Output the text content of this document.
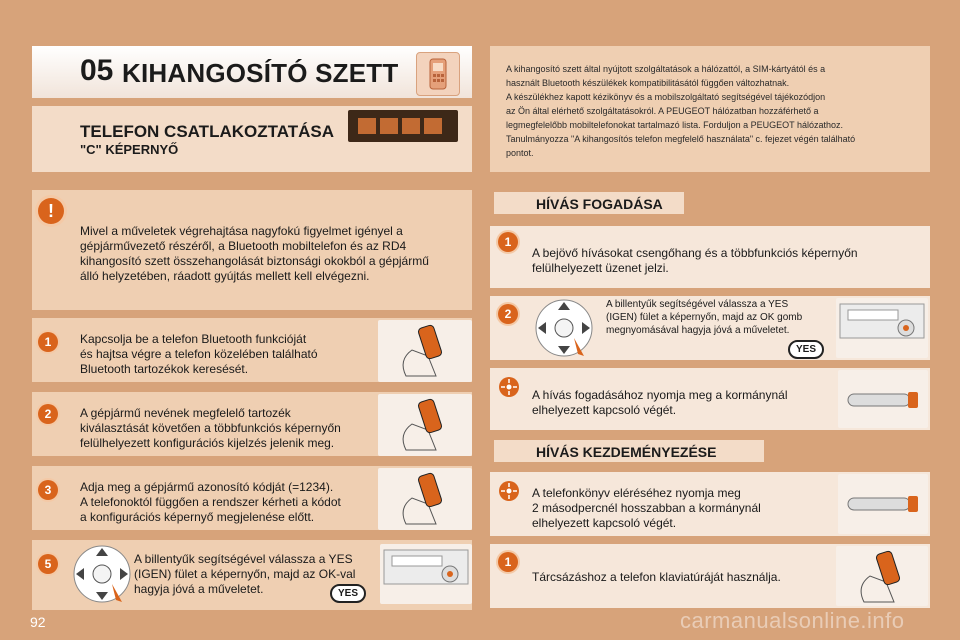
05 KIHANGOSÍTÓ SZETT
TELEFON CSATLAKOZTATÁSA
"C" KÉPERNYŐ
A kihangosító szett által nyújtott szolgáltatások a hálózattól, a SIM-kártyától és a
használt Bluetooth készülékek kompatibilitásától függően változhatnak.
A készülékhez kapott kézikönyv és a mobilszolgáltató segítségével tájékozódjon
az Ön által elérhető szolgáltatásokról. A PEUGEOT hálózatban hozzáférhető a
legmegfelelőbb mobiltelefonokat tartalmazó lista. Forduljon a PEUGEOT hálózathoz.
Tanulmányozza "A kihangosítós telefon megfelelő használata" c. fejezet végén található
pontot.
!
Mivel a műveletek végrehajtása nagyfokú figyelmet igényel a
gépjárművezető részéről, a Bluetooth mobiltelefon és az RD4
kihangosító szett összehangolását biztonsági okokból a gépjármű
álló helyzetében, ráadott gyújtás mellett kell elvégezni.
1	Kapcsolja be a telefon Bluetooth funkcióját
és hajtsa végre a telefon közelében található
Bluetooth tartozékok keresését.
2	A gépjármű nevének megfelelő tartozék
kiválasztását követően a többfunkciós képernyőn
felülhelyezett konfigurációs kijelzés jelenik meg.
3	Adja meg a gépjármű azonosító kódját (=1234).
A telefonoktól függően a rendszer kérheti a kódot
a konfigurációs képernyő megjelenése előtt.
5	A billentyűk segítségével válassza a YES
(IGEN) fület a képernyőn, majd az OK-val
hagyja jóvá a műveletet.	YES
HÍVÁS FOGADÁSA
1
A bejövő hívásokat csengőhang és a többfunkciós képernyőn
felülhelyezett üzenet jelzi.
2
A billentyűk segítségével válassza a YES
(IGEN) fület a képernyőn, majd az OK gomb
megnyomásával hagyja jóvá a műveletet.
YES
A hívás fogadásához nyomja meg a kormánynál
elhelyezett kapcsoló végét.
HÍVÁS KEZDEMÉNYEZÉSE
A telefonkönyv eléréséhez nyomja meg
2 másodpercnél hosszabban a kormánynál
elhelyezett kapcsoló végét.
1
Tárcsázáshoz a telefon klaviatúráját használja.
92	carmanualsonline.info
